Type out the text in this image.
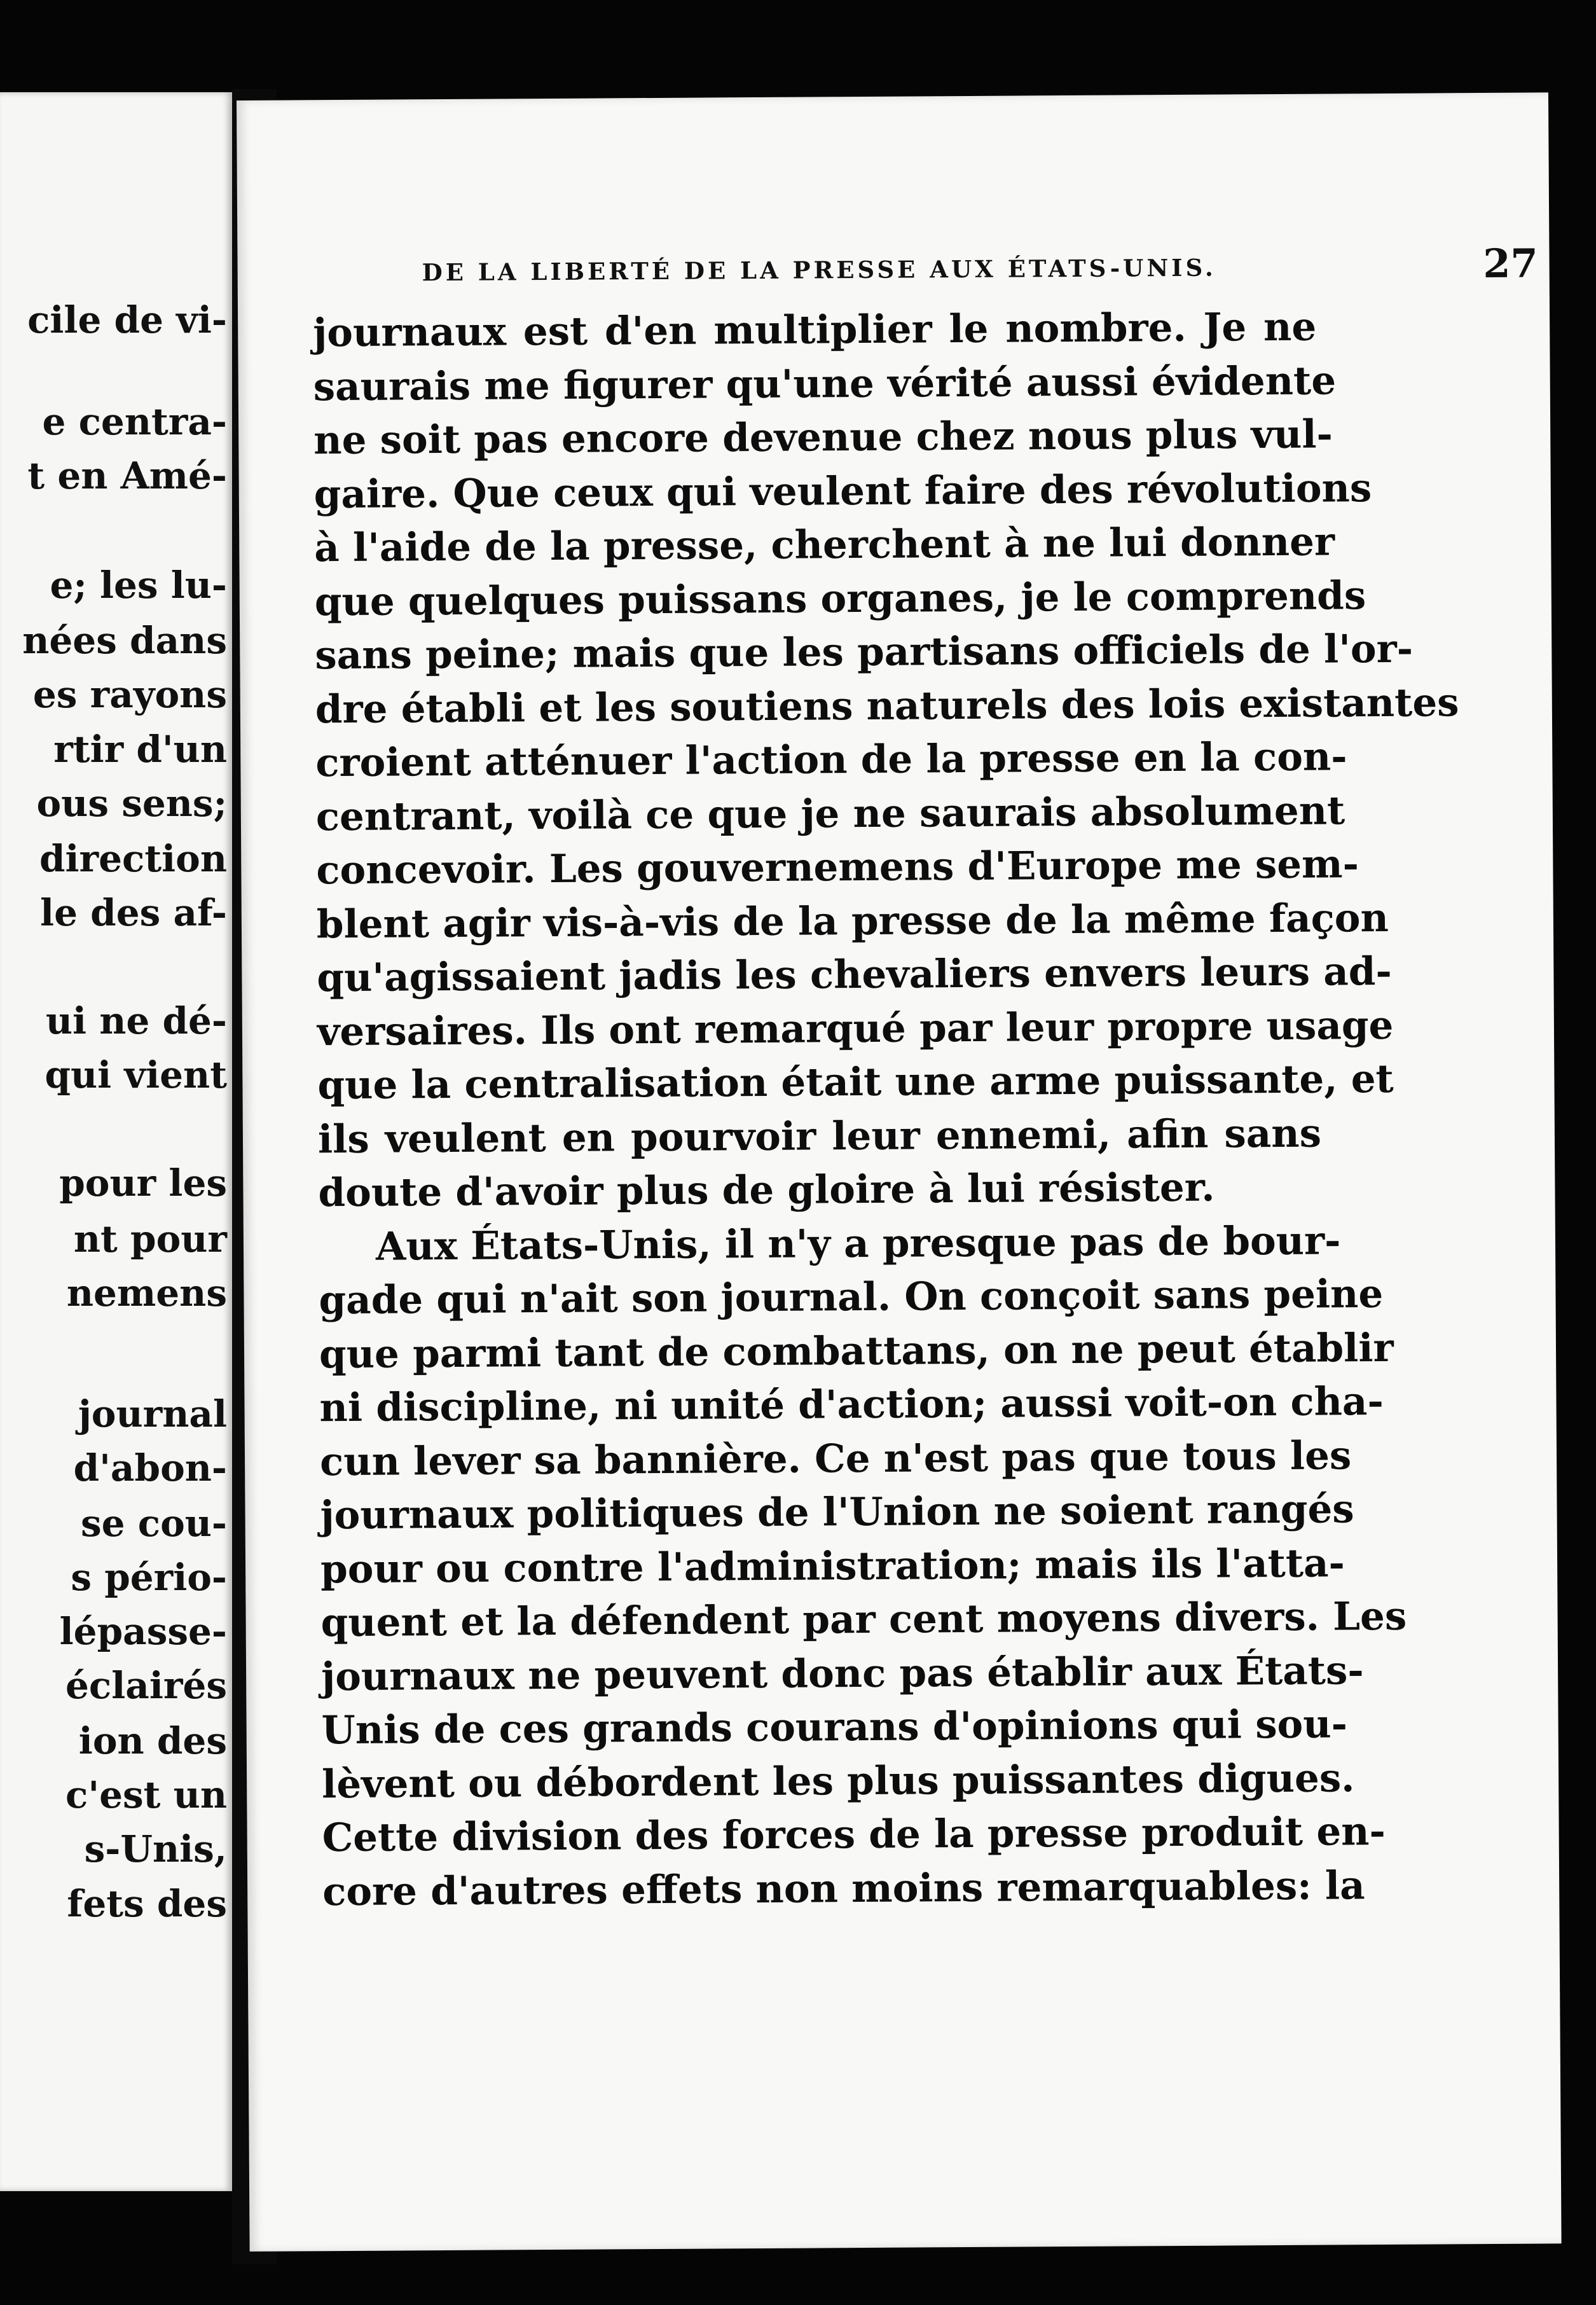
cile de vi-

e centra-

t en Amé-

e; les lu-

nées dans

es rayons

rtir d'un

ous sens;

direction

le des af-

ui ne dé-

qui vient

pour les

nt pour

nemens

journal

d'abon-

se cou-

s périо-

lépasse-

éclairés

ion des

c'est un

s-Unis,

fets des

DE LA LIBERTÉ DE LA PRESSE AUX ÉTATS-UNIS.	27
journaux est d'en multiplier le nombre. Je ne
saurais me figurer qu'une vérité aussi évidente
ne soit pas encore devenue chez nous plus vul-
gaire. Que ceux qui veulent faire des révolutions
à l'aide de la presse, cherchent à ne lui donner
que quelques puissans organes, je le comprends
sans peine; mais que les partisans officiels de l'or-
dre établi et les soutiens naturels des lois existantes
croient atténuer l'action de la presse en la con-
centrant, voilà ce que je ne saurais absolument
concevoir. Les gouvernemens d'Europe me sem-
blent agir vis-à-vis de la presse de la même façon
qu'agissaient jadis les chevaliers envers leurs ad-
versaires. Ils ont remarqué par leur propre usage
que la centralisation était une arme puissante, et
ils veulent en pourvoir leur ennemi, afin sans
doute d'avoir plus de gloire à lui résister.
Aux États-Unis, il n'y a presque pas de bour-
gade qui n'ait son journal. On conçoit sans peine
que parmi tant de combattans, on ne peut établir
ni discipline, ni unité d'action; aussi voit-on cha-
cun lever sa bannière. Ce n'est pas que tous les
journaux politiques de l'Union ne soient rangés
pour ou contre l'administration; mais ils l'atta-
quent et la défendent par cent moyens divers. Les
journaux ne peuvent donc pas établir aux États-
Unis de ces grands courans d'opinions qui sou-
lèvent ou débordent les plus puissantes digues.
Cette division des forces de la presse produit en-
core d'autres effets non moins remarquables: la
